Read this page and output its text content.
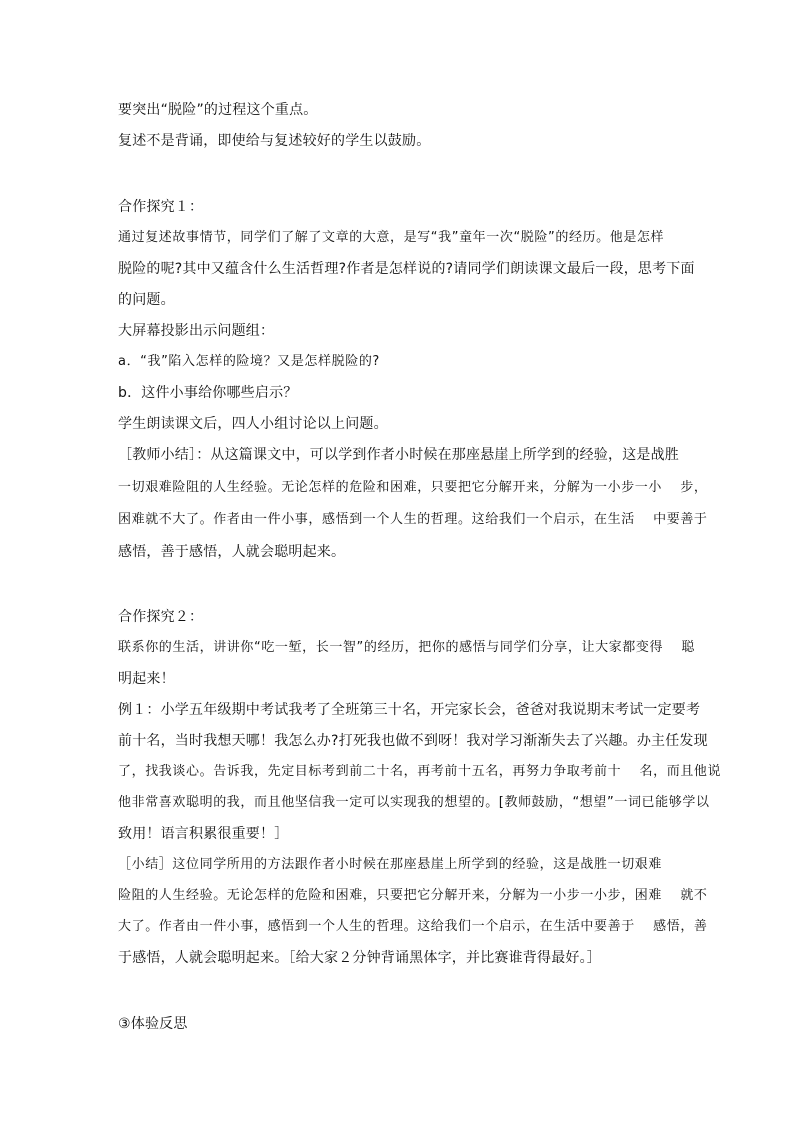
要突出“脱险”的过程这个重点。
复述不是背诵，即使给与复述较好的学生以鼓励。
合作探究１：
通过复述故事情节，同学们了解了文章的大意，是写“我”童年一次“脱险”的经历。他是怎样
脱险的呢?其中又蕴含什么生活哲理?作者是怎样说的?请同学们朗读课文最后一段，思考下面
的问题。
大屏幕投影出示问题组：
a．“我”陷入怎样的险境？又是怎样脱险的?
b．这件小事给你哪些启示？
学生朗读课文后，四人小组讨论以上问题。
［教师小结］：从这篇课文中，可以学到作者小时候在那座悬崖上所学到的经验，这是战胜
一切艰难险阻的人生经验。无论怎样的危险和困难，只要把它分解开来，分解为一小步一小　 步，
困难就不大了。作者由一件小事，感悟到一个人生的哲理。这给我们一个启示，在生活　 中要善于
感悟，善于感悟，人就会聪明起来。
合作探究２：
联系你的生活，讲讲你“吃一堑，长一智”的经历，把你的感悟与同学们分享，让大家都变得　 聪
明起来！
例１：小学五年级期中考试我考了全班第三十名，开完家长会，爸爸对我说期末考试一定要考
前十名，当时我想天哪！我怎么办?打死我也做不到呀！我对学习渐渐失去了兴趣。办主任发现
了，找我谈心。告诉我，先定目标考到前二十名，再考前十五名，再努力争取考前十　 名，而且他说
他非常喜欢聪明的我，而且他坚信我一定可以实现我的想望的。[教师鼓励，“想望”一词已能够学以
致用！语言积累很重要！］
［小结］这位同学所用的方法跟作者小时候在那座悬崖上所学到的经验，这是战胜一切艰难
险阻的人生经验。无论怎样的危险和困难，只要把它分解开来，分解为一小步一小步，困难　 就不
大了。作者由一件小事，感悟到一个人生的哲理。这给我们一个启示，在生活中要善于　 感悟，善
于感悟，人就会聪明起来。［给大家２分钟背诵黑体字，并比赛谁背得最好。］
③体验反思
